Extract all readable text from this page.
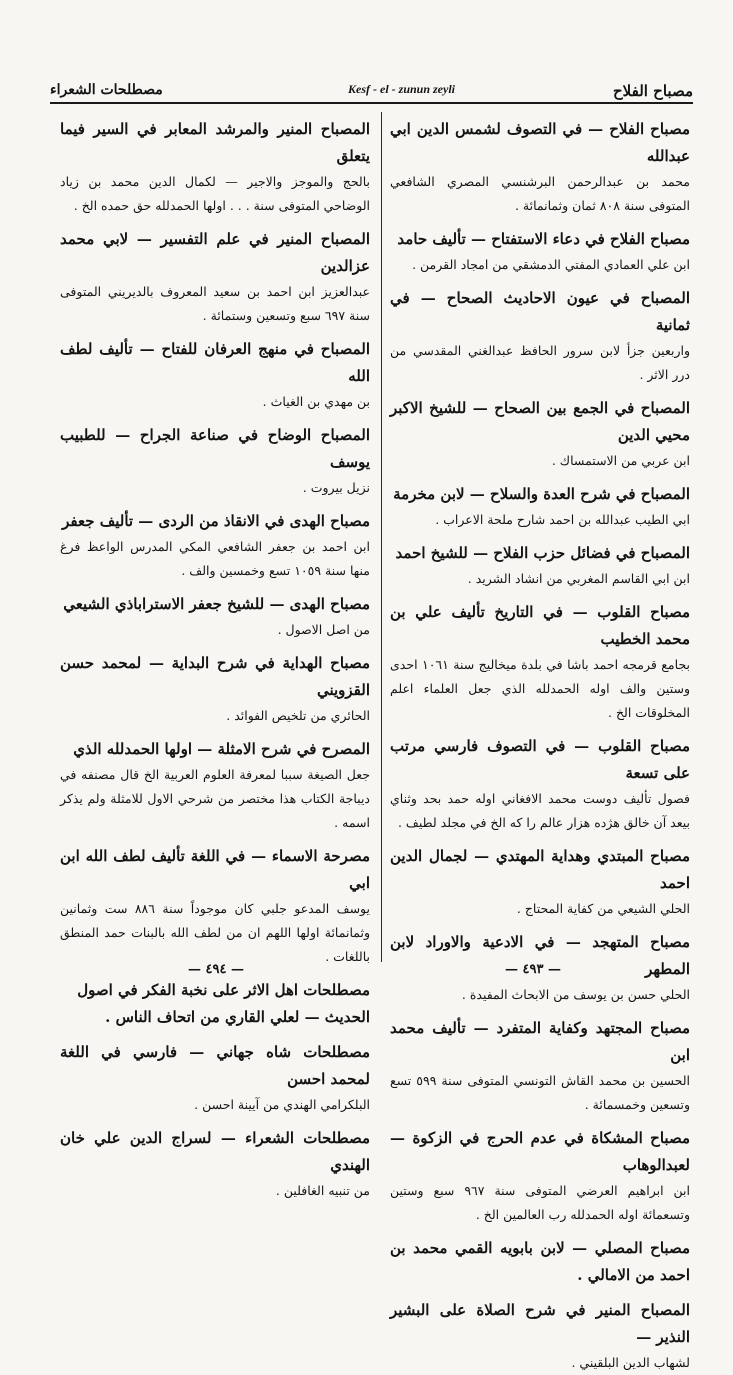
مصباح الفلاح
Kesf - el - zunun zeyli
مصطلحات الشعراء

مصباح الفلاح — في التصوف لشمس الدين ابي عبدالله

محمد بن عبدالرحمن البرشنسي المصري الشافعي المتوفى سنة ٨٠٨ ثمان وثمانمائة .

مصباح الفلاح في دعاء الاستفتاح — تأليف حامد

ابن علي العمادي المفتي الدمشقي من امجاد القرمن .

المصباح في عيون الاحاديث الصحاح — في ثمانية

واربعين جزأ لابن سرور الحافظ عبدالغني المقدسي من درر الاثر .

المصباح في الجمع بين الصحاح — للشيخ الاكبر محيي الدين

ابن عربي من الاستمساك .

المصباح في شرح العدة والسلاح — لابن مخرمة

ابي الطيب عبدالله بن احمد شارح ملحة الاعراب .

المصباح في فضائل حزب الفلاح — للشيخ احمد

ابن ابي القاسم المغربي من انشاد الشريد .

مصباح القلوب — في التاريخ تأليف علي بن محمد الخطيب

بجامع قرمجه احمد باشا في بلدة ميخاليج سنة ١٠٦١ احدى وستين والف اوله الحمدلله الذي جعل العلماء اعلم المخلوقات الخ .

مصباح القلوب — في التصوف فارسي مرتب على تسعة

فصول تأليف دوست محمد الافغاني اوله حمد بحد وثناي بيعد آن خالق هژده هزار عالم را كه الخ في مجلد لطيف .

مصباح المبتدي وهداية المهتدي — لجمال الدين احمد

الحلي الشيعي من كفاية المحتاج .

مصباح المتهجد — في الادعية والاوراد لابن المطهر

الحلي حسن بن يوسف من الابحاث المفيدة .

مصباح المجتهد وكفاية المتفرد — تأليف محمد ابن

الحسين بن محمد القاش التونسي المتوفى سنة ٥٩٩ تسع وتسعين وخمسمائة .

مصباح المشكاة في عدم الحرج في الزكوة — لعبدالوهاب

ابن ابراهيم العرضي المتوفى سنة ٩٦٧ سبع وستين وتسعمائة اوله الحمدلله رب العالمين الخ .

مصباح المصلي — لابن بابويه القمي محمد بن احمد من الامالي .

المصباح المنير في شرح الصلاة على البشير النذير —

لشهاب الدين البلقيني .

المصباح المنير والمرشد المعابر في السير فيما يتعلق

بالحج والموجز والاجير — لكمال الدين محمد بن زياد الوضاحي المتوفى سنة . . . اولها الحمدلله حق حمده الخ .

المصباح المنير في علم التفسير — لابي محمد عزالدين

عبدالعزيز ابن احمد بن سعيد المعروف بالديريني المتوفى سنة ٦٩٧ سبع وتسعين وستمائة .

المصباح في منهج العرفان للفتاح — تأليف لطف الله

بن مهدي بن الغياث .

المصباح الوضاح في صناعة الجراح — للطبيب يوسف

نزيل بيروت .

مصباح الهدى في الانقاذ من الردى — تأليف جعفر

ابن احمد بن جعفر الشافعي المكي المدرس الواعظ فرغ منها سنة ١٠٥٩ تسع وخمسين والف .

مصباح الهدى — للشيخ جعفر الاستراباذي الشيعي

من اصل الاصول .

مصباح الهداية في شرح البداية — لمحمد حسن القزويني

الحائري من تلخيص الفوائد .

المصرح في شرح الامثلة — اولها الحمدلله الذي

جعل الصيغة سببا لمعرفة العلوم العربية الخ قال مصنفه في ديباجة الكتاب هذا مختصر من شرحي الاول للامثلة ولم يذكر اسمه .

مصرحة الاسماء — في اللغة تأليف لطف الله ابن ابي

يوسف المدعو جلبي كان موجوداً سنة ٨٨٦ ست وثمانين وثمانمائة اولها اللهم ان من لطف الله بالبنات حمد المنطق باللغات .

مصطلحات اهل الاثر على نخبة الفكر في اصول

الحديث — لعلي القاري من اتحاف الناس .

مصطلحات شاه جهاني — فارسي في اللغة لمحمد احسن

البلكرامي الهندي من آيينة احسن .

مصطلحات الشعراء — لسراج الدين علي خان الهندي

من تنبيه الغافلين .

— ٤٩٣ —
— ٤٩٤ —
